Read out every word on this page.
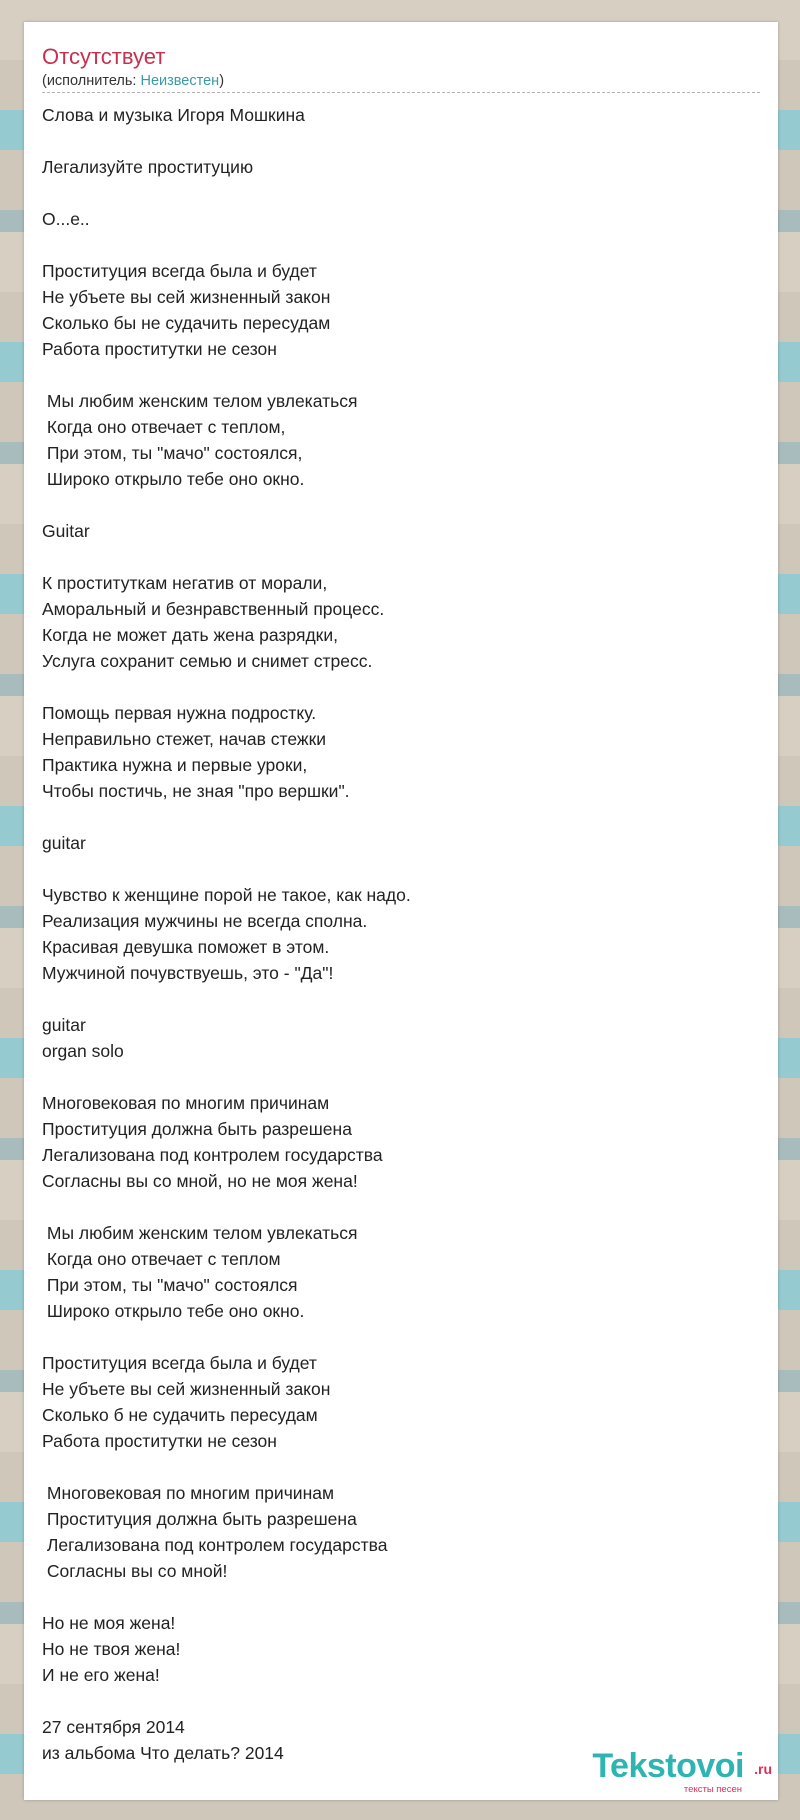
Отсутствует
(исполнитель: Неизвестен)
Слова и музыка Игоря Мошкина
Легализуйте проституцию
О...е..
Проституция всегда была и будет
Не убъете вы сей жизненный закон
Сколько бы не судачить пересудам
Работа проститутки не сезон
Мы любим женским телом увлекаться
Когда оно отвечает с теплом,
При этом, ты "мачо" состоялся,
Широко открыло тебе оно окно.
Guitar
К проституткам негатив от морали,
Аморальный и безнравственный процесс.
Когда не может дать жена разрядки,
Услуга сохранит семью и снимет стресс.
Помощь первая нужна подростку.
Неправильно стежет, начав стежки
Практика нужна и первые уроки,
Чтобы постичь, не зная "про вершки".
guitar
Чувство к женщине порой не такое, как надо.
Реализация мужчины не всегда сполна.
Красивая девушка поможет в этом.
Мужчиной почувствуешь, это - "Да"!
guitar
organ solo
Многовековая по многим причинам
Проституция должна быть разрешена
Легализована под контролем государства
Согласны вы со мной, но не моя жена!
Мы любим женским телом увлекаться
Когда оно отвечает с теплом
При этом, ты "мачо" состоялся
Широко открыло тебе оно окно.
Проституция всегда была и будет
Не убъете вы сей жизненный закон
Сколько б не судачить пересудам
Работа проститутки не сезон
Многовековая по многим причинам
Проституция должна быть разрешена
Легализована под контролем государства
Согласны вы со мной!
Но не моя жена!
Но не твоя жена!
И не его жена!
27 сентября 2014
из альбома Что делать? 2014	Tekstovoi .ru
тексты песен
